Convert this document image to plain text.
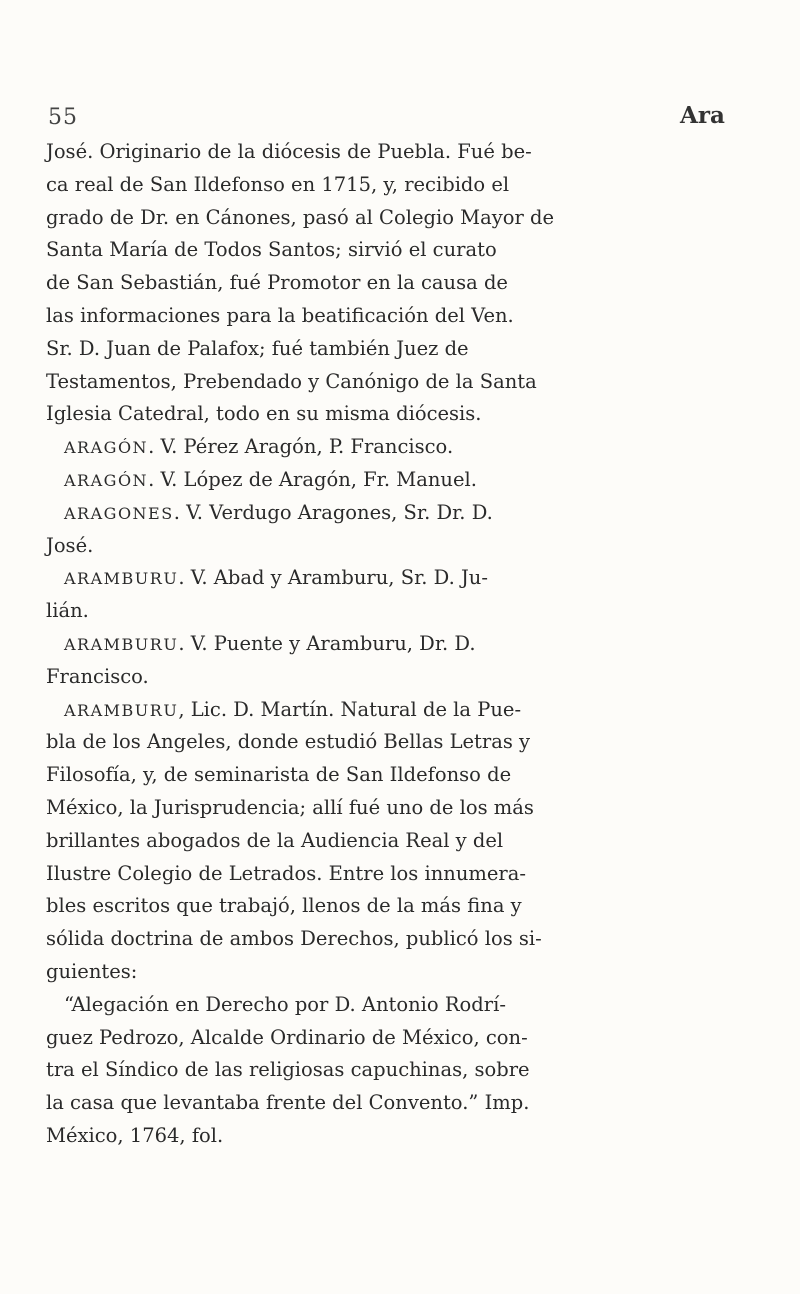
55	Ara
José. Originario de la diócesis de Puebla. Fué be-
ca real de San Ildefonso en 1715, y, recibido el
grado de Dr. en Cánones, pasó al Colegio Mayor de
Santa María de Todos Santos; sirvió el curato
de San Sebastián, fué Promotor en la causa de
las informaciones para la beatificación del Ven.
Sr. D. Juan de Palafox; fué también Juez de
Testamentos, Prebendado y Canónigo de la Santa
Iglesia Catedral, todo en su misma diócesis.
ARAGÓN. V. Pérez Aragón, P. Francisco.
ARAGÓN. V. López de Aragón, Fr. Manuel.
ARAGONES. V. Verdugo Aragones, Sr. Dr. D.
José.
ARAMBURU. V. Abad y Aramburu, Sr. D. Ju-
lián.
ARAMBURU. V. Puente y Aramburu, Dr. D.
Francisco.
ARAMBURU, Lic. D. Martín. Natural de la Pue-
bla de los Angeles, donde estudió Bellas Letras y
Filosofía, y, de seminarista de San Ildefonso de
México, la Jurisprudencia; allí fué uno de los más
brillantes abogados de la Audiencia Real y del
Ilustre Colegio de Letrados. Entre los innumera-
bles escritos que trabajó, llenos de la más fina y
sólida doctrina de ambos Derechos, publicó los si-
guientes:
“Alegación en Derecho por D. Antonio Rodrí-
guez Pedrozo, Alcalde Ordinario de México, con-
tra el Síndico de las religiosas capuchinas, sobre
la casa que levantaba frente del Convento.” Imp.
México, 1764, fol.
